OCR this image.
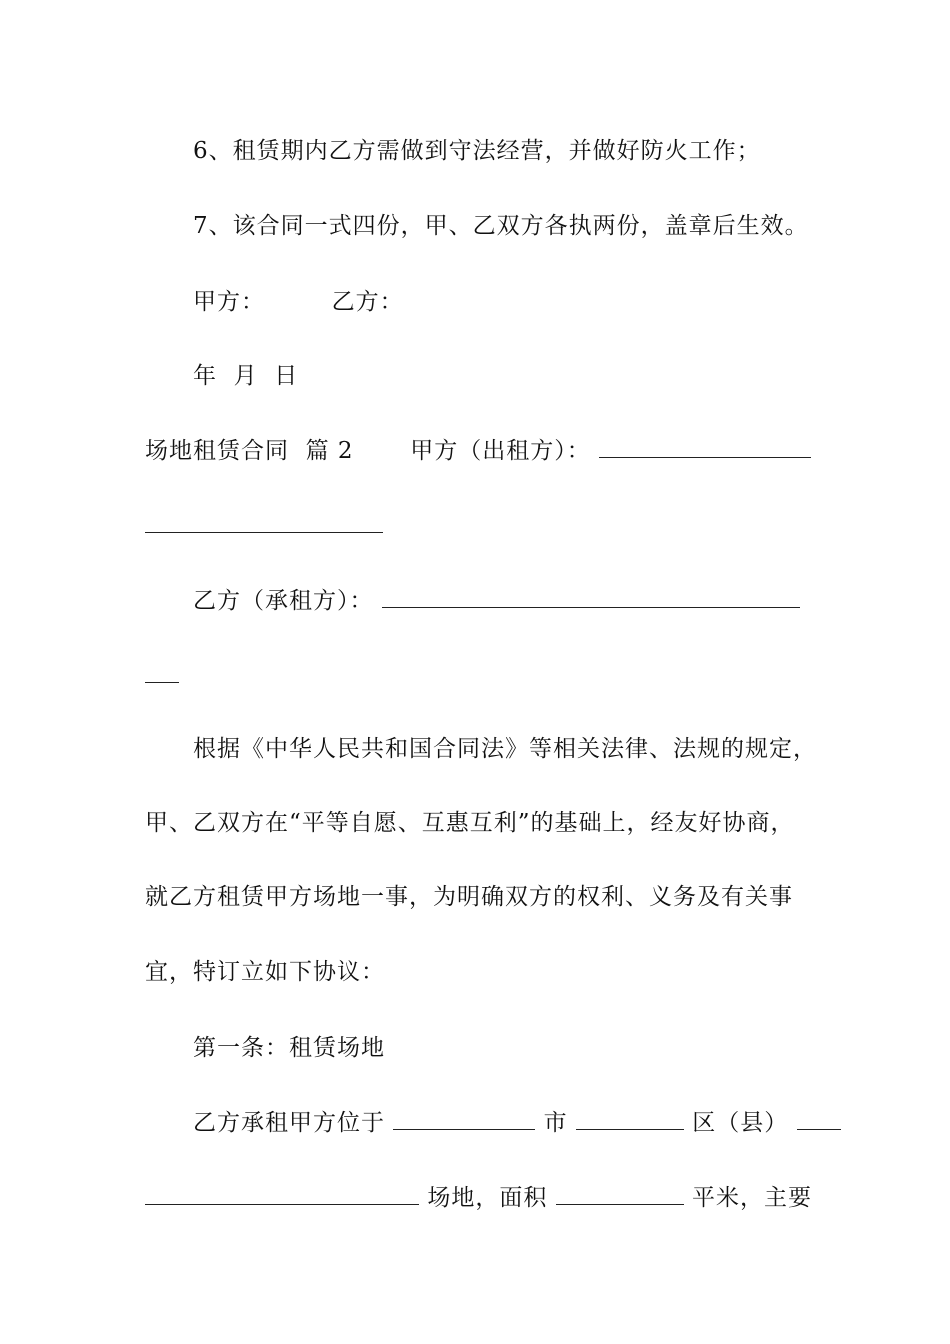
6、租赁期内乙方需做到守法经营，并做好防火工作；
7、该合同一式四份，甲、乙双方各执两份，盖章后生效。
甲方：	乙方：
年  月  日
场地租赁合同  篇 2 甲方（出租方）：
乙方（承租方）：
根据《中华人民共和国合同法》等相关法律、法规的规定，
甲、乙双方在“平等自愿、互惠互利”的基础上，经友好协商，
就乙方租赁甲方场地一事，为明确双方的权利、义务及有关事
宜，特订立如下协议：
第一条：租赁场地
乙方承租甲方位于	市	区（县）
场地，面积	平米，主要
